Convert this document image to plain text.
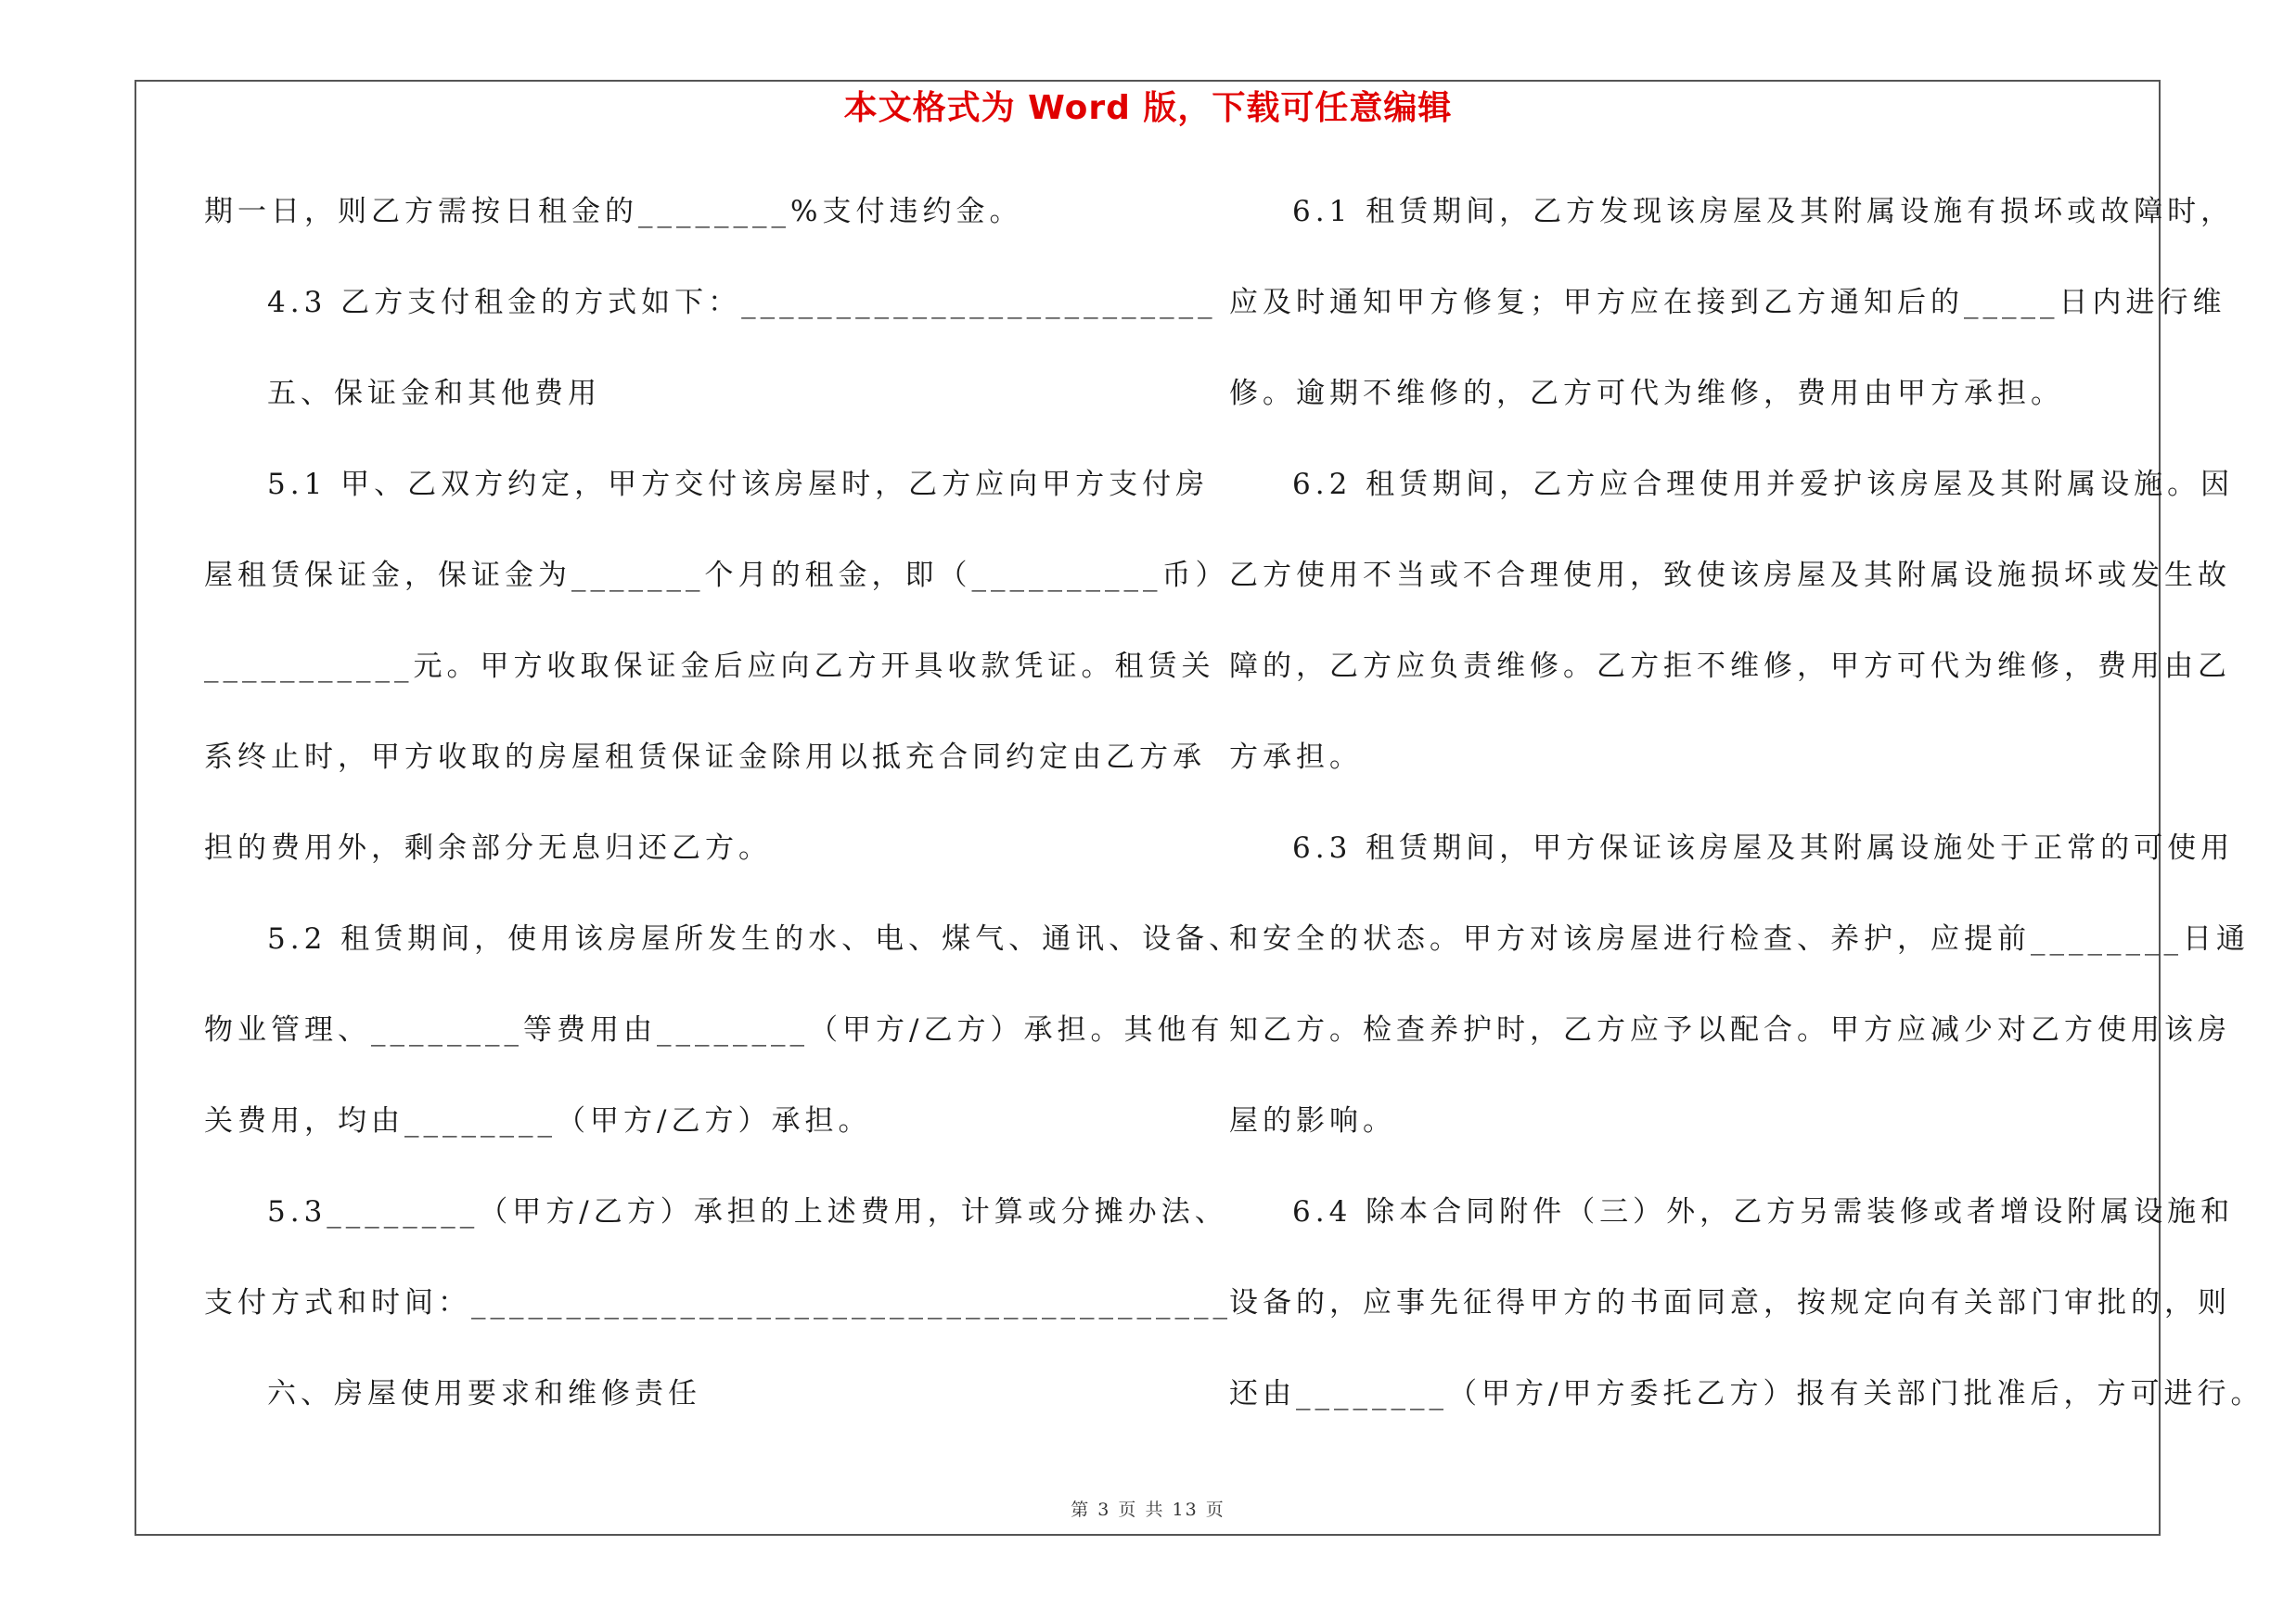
本文格式为 Word 版，下载可任意编辑
期一日，则乙方需按日租金的________%支付违约金。
4.3 乙方支付租金的方式如下：_________________________
五、保证金和其他费用
5.1 甲、乙双方约定，甲方交付该房屋时，乙方应向甲方支付房
屋租赁保证金，保证金为_______个月的租金，即（__________币）
___________元。甲方收取保证金后应向乙方开具收款凭证。租赁关
系终止时，甲方收取的房屋租赁保证金除用以抵充合同约定由乙方承
担的费用外，剩余部分无息归还乙方。
5.2 租赁期间，使用该房屋所发生的水、电、煤气、通讯、设备、
物业管理、________等费用由________（甲方/乙方）承担。其他有
关费用，均由________（甲方/乙方）承担。
5.3________（甲方/乙方）承担的上述费用，计算或分摊办法、
支付方式和时间：________________________________________
六、房屋使用要求和维修责任
6.1 租赁期间，乙方发现该房屋及其附属设施有损坏或故障时，
应及时通知甲方修复；甲方应在接到乙方通知后的_____日内进行维
修。逾期不维修的，乙方可代为维修，费用由甲方承担。
6.2 租赁期间，乙方应合理使用并爱护该房屋及其附属设施。因
乙方使用不当或不合理使用，致使该房屋及其附属设施损坏或发生故
障的，乙方应负责维修。乙方拒不维修，甲方可代为维修，费用由乙
方承担。
6.3 租赁期间，甲方保证该房屋及其附属设施处于正常的可使用
和安全的状态。甲方对该房屋进行检查、养护，应提前________日通
知乙方。检查养护时，乙方应予以配合。甲方应减少对乙方使用该房
屋的影响。
6.4 除本合同附件（三）外，乙方另需装修或者增设附属设施和
设备的，应事先征得甲方的书面同意，按规定向有关部门审批的，则
还由________（甲方/甲方委托乙方）报有关部门批准后，方可进行。
第 3 页 共 13 页
